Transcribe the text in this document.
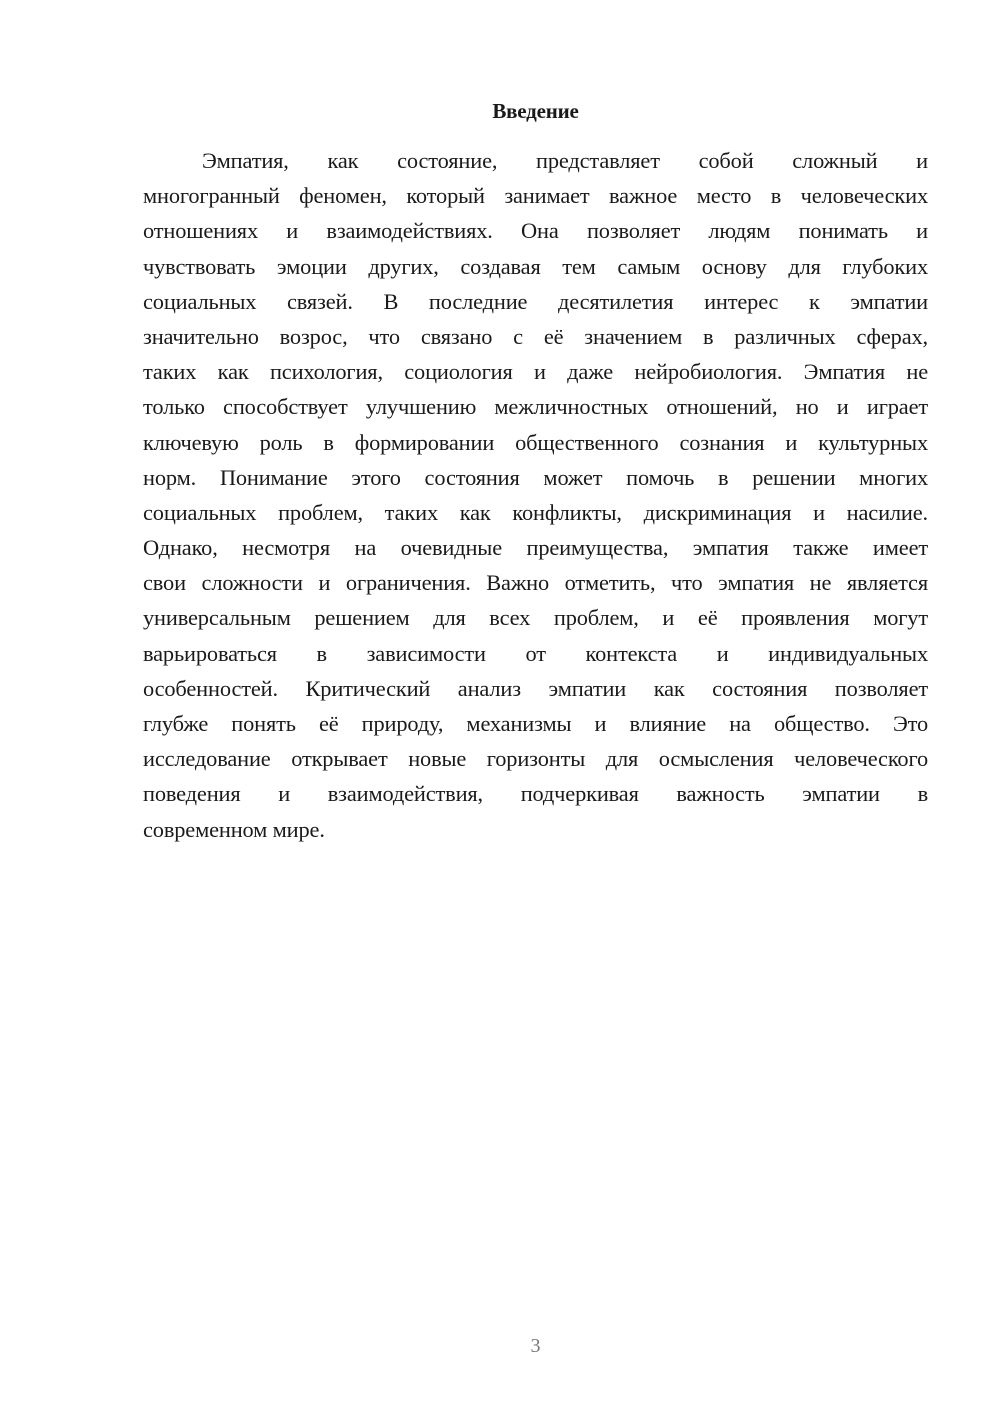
Введение
Эмпатия, как состояние, представляет собой сложный и
многогранный феномен, который занимает важное место в человеческих
отношениях и взаимодействиях. Она позволяет людям понимать и
чувствовать эмоции других, создавая тем самым основу для глубоких
социальных связей. В последние десятилетия интерес к эмпатии
значительно возрос, что связано с её значением в различных сферах,
таких как психология, социология и даже нейробиология. Эмпатия не
только способствует улучшению межличностных отношений, но и играет
ключевую роль в формировании общественного сознания и культурных
норм. Понимание этого состояния может помочь в решении многих
социальных проблем, таких как конфликты, дискриминация и насилие.
Однако, несмотря на очевидные преимущества, эмпатия также имеет
свои сложности и ограничения. Важно отметить, что эмпатия не является
универсальным решением для всех проблем, и её проявления могут
варьироваться в зависимости от контекста и индивидуальных
особенностей. Критический анализ эмпатии как состояния позволяет
глубже понять её природу, механизмы и влияние на общество. Это
исследование открывает новые горизонты для осмысления человеческого
поведения и взаимодействия, подчеркивая важность эмпатии в
современном мире.
3
